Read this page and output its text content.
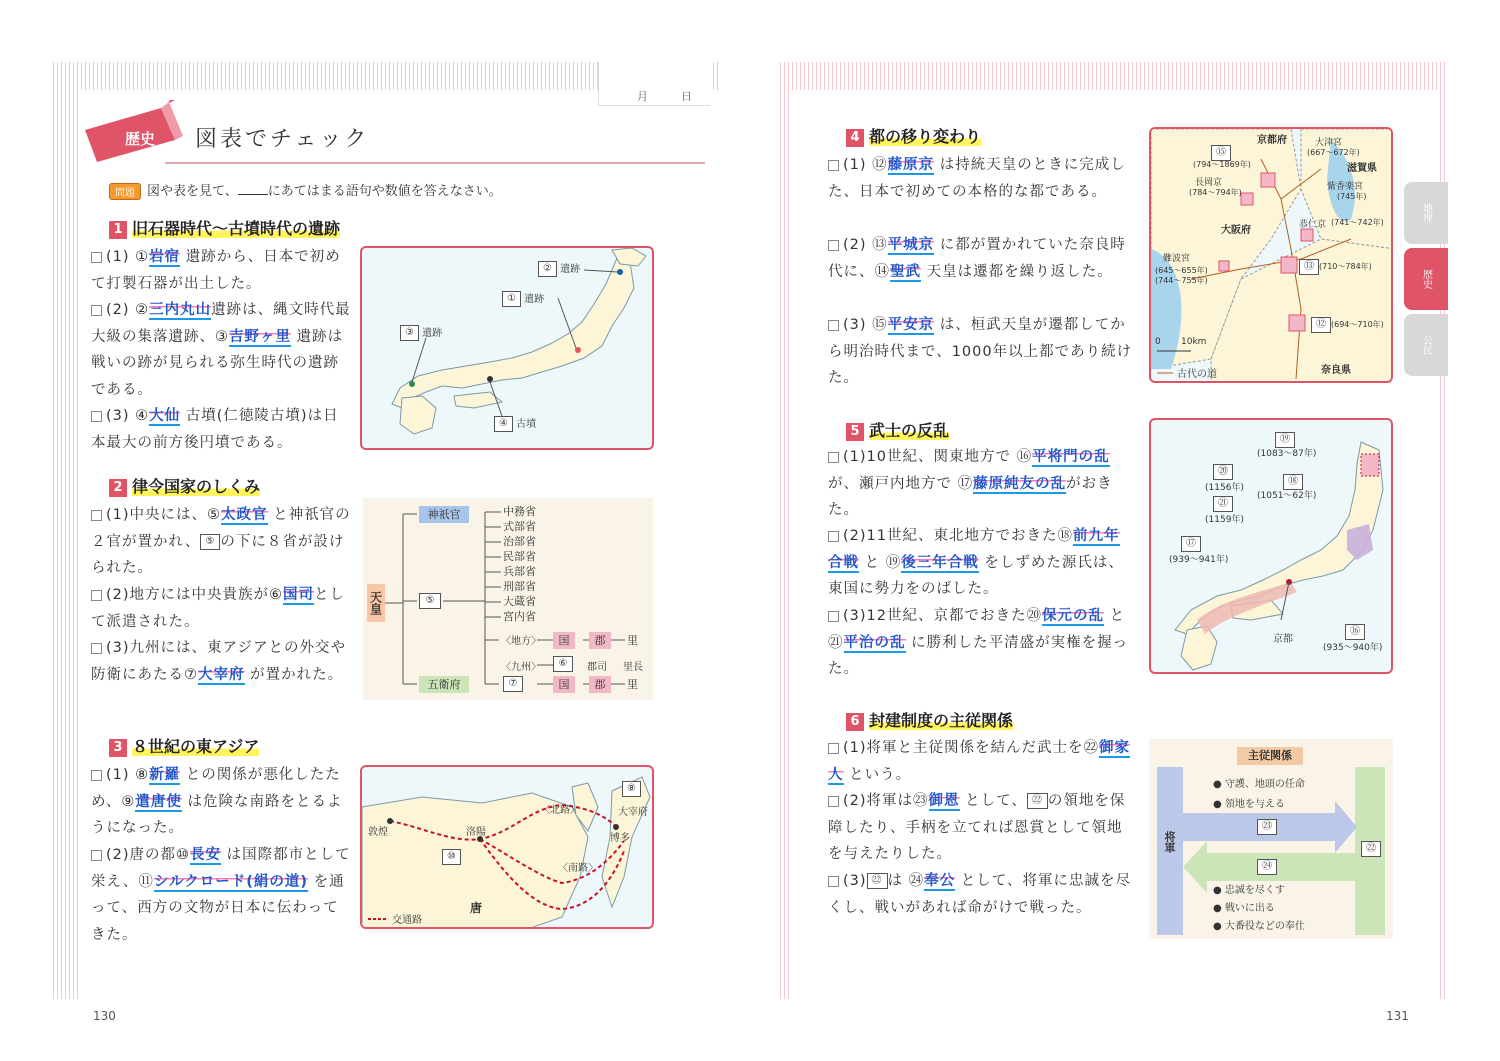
月	日
歴史 図表でチェック
問題 図や表を見て、 にあてはまる語句や数値を答えなさい。
1 旧石器時代〜古墳時代の遺跡
(1) ①岩宿 遺跡から、日本で初めて打製石器が出土した。
(2) ②三内丸山遺跡は、縄文時代最大級の集落遺跡、③吉野ヶ里 遺跡は戦いの跡が見られる弥生時代の遺跡である。
(3) ④大仙 古墳(仁徳陵古墳)は日本最大の前方後円墳である。
② 遺跡
① 遺跡
③ 遺跡
④ 古墳
2 律令国家のしくみ
(1)中央には、⑤太政官 と神祇官の２官が置かれ、 ⑤ の下に８省が設けられた。
(2)地方には中央貴族が⑥国司として派遣された。
(3)九州には、東アジアとの外交や防衛にあたる⑦大宰府 が置かれた。
天皇
神祇官
⑤
五衛府
中務省
式部省
治部省
民部省
兵部省
刑部省
大蔵省
宮内省
〈地方〉
〈九州〉
国	郡	里
⑥	郡司 里長
⑦	国	郡	里
3 ８世紀の東アジア
(1) ⑧新羅 との関係が悪化したため、⑨遣唐使 は危険な南路をとるようになった。
(2)唐の都⑩長安 は国際都市として栄え、⑪シルクロード(絹の道) を通って、西方の文物が日本に伝わってきた。
⑧
大宰府
〈北路〉
〈南路〉
敦煌	洛陽
⑩
博多
唐
交通路
130
4 都の移り変わり
(1) ⑫藤原京 は持統天皇のときに完成した、日本で初めての本格的な都である。
(2) ⑬平城京 に都が置かれていた奈良時代に、⑭聖武 天皇は遷都を繰り返した。
(3) ⑮平安京 は、桓武天皇が遷都してから明治時代まで、1000年以上都であり続けた。
京都府	大津宮
(667〜672年)
滋賀県
⑮
(794〜1869年)
長岡京
(784〜794年)
紫香楽宮
(745年)
恭仁京 (741〜742年)
大阪府
難波宮
(645〜655年)
(744〜755年)
⑬ (710〜784年)
⑫ (694〜710年)
0 10km
古代の道	奈良県
5 武士の反乱
(1)10世紀、関東地方で ⑯平将門の乱が、瀬戸内地方で ⑰藤原純友の乱がおきた。
(2)11世紀、東北地方でおきた⑱前九年合戦 と ⑲後三年合戦 をしずめた源氏は、東国に勢力をのばした。
(3)12世紀、京都でおきた⑳保元の乱 と ㉑平治の乱 に勝利した平清盛が実権を握った。
⑲
(1083〜87年)
⑳
(1156年)
⑱
(1051〜62年)
㉑
(1159年)
⑰
(939〜941年)
京都
⑯
(935〜940年)
6 封建制度の主従関係
(1)将軍と主従関係を結んだ武士を㉒御家人 という。
(2)将軍は㉓御恩 として、 ㉒ の領地を保障したり、手柄を立てれば恩賞として領地を与えたりした。
(3) ㉒ は ㉔奉公 として、将軍に忠誠を尽くし、戦いがあれば命がけで戦った。
主従関係
将軍	㉒
● 守護、地頭の任命
● 領地を与える
㉓
㉔
● 忠誠を尽くす
● 戦いに出る
● 大番役などの奉仕
131
地理
歴史
公民
